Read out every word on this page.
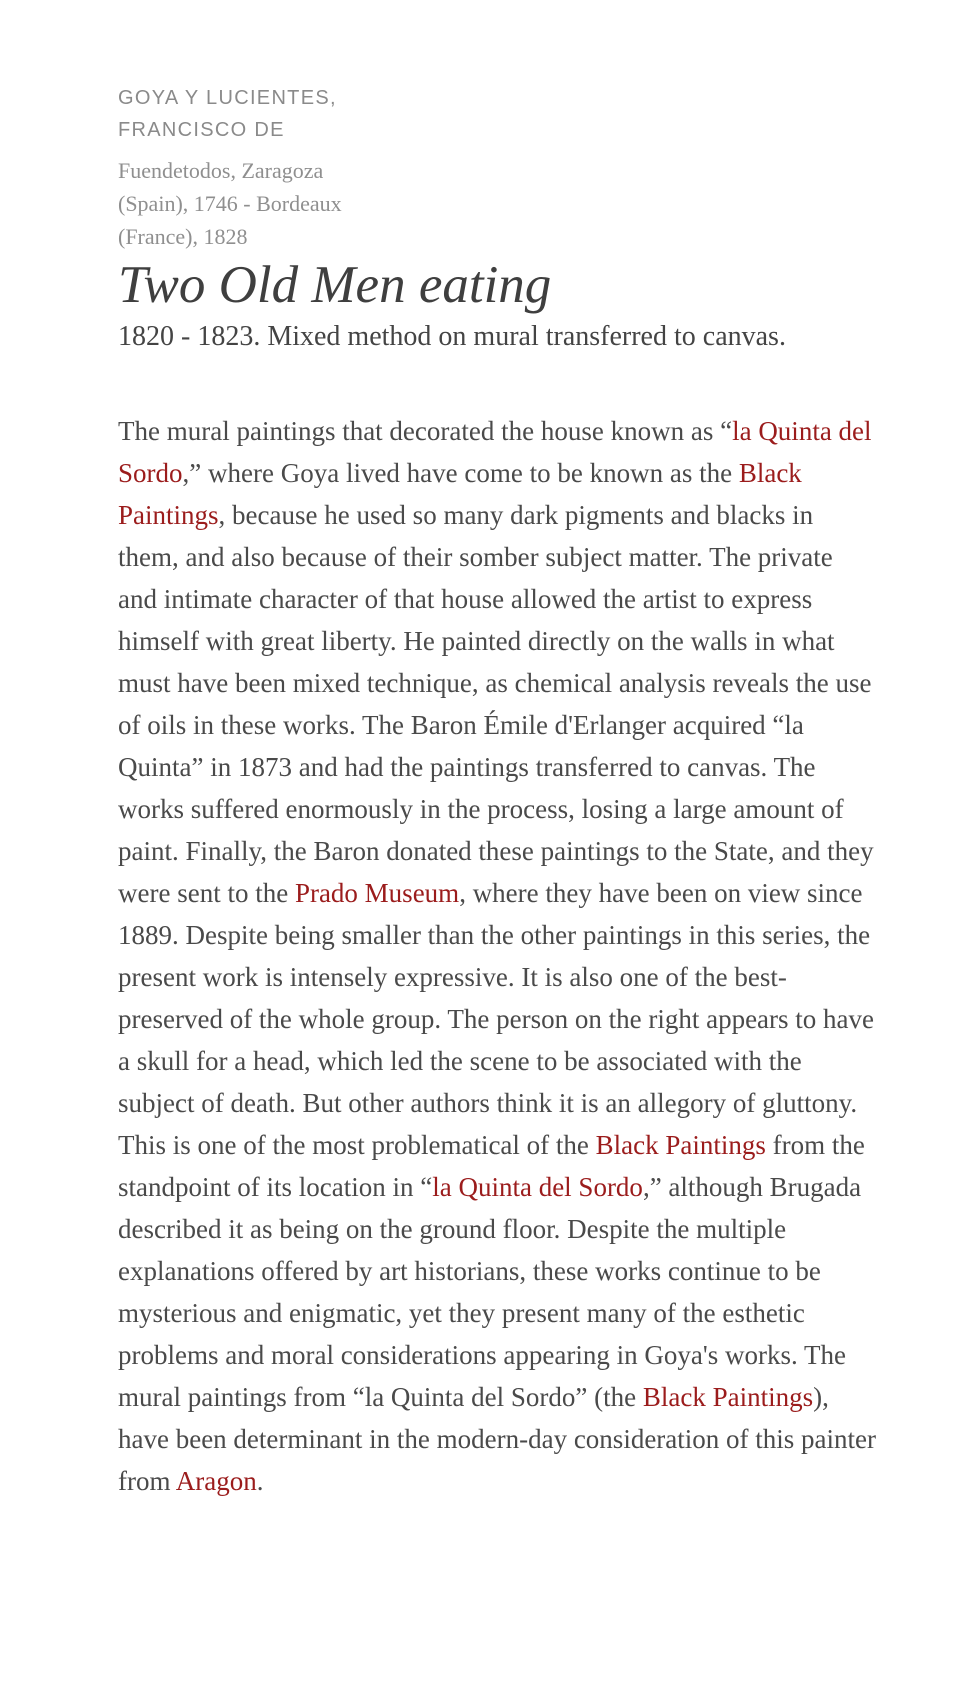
GOYA Y LUCIENTES, FRANCISCO DE

Fuendetodos, Zaragoza (Spain), 1746 - Bordeaux (France), 1828

Two Old Men eating

1820 - 1823. Mixed method on mural transferred to canvas.

The mural paintings that decorated the house known as “la Quinta del Sordo,” where Goya lived have come to be known as the Black Paintings, because he used so many dark pigments and blacks in them, and also because of their somber subject matter. The private and intimate character of that house allowed the artist to express himself with great liberty. He painted directly on the walls in what must have been mixed technique, as chemical analysis reveals the use of oils in these works. The Baron Émile d'Erlanger acquired “la Quinta” in 1873 and had the paintings transferred to canvas. The works suffered enormously in the process, losing a large amount of paint. Finally, the Baron donated these paintings to the State, and they were sent to the Prado Museum, where they have been on view since 1889. Despite being smaller than the other paintings in this series, the present work is intensely expressive. It is also one of the best-preserved of the whole group. The person on the right appears to have a skull for a head, which led the scene to be associated with the subject of death. But other authors think it is an allegory of gluttony. This is one of the most problematical of the Black Paintings from the standpoint of its location in “la Quinta del Sordo,” although Brugada described it as being on the ground floor. Despite the multiple explanations offered by art historians, these works continue to be mysterious and enigmatic, yet they present many of the esthetic problems and moral considerations appearing in Goya's works. The mural paintings from “la Quinta del Sordo” (the Black Paintings), have been determinant in the modern-day consideration of this painter from Aragon.
